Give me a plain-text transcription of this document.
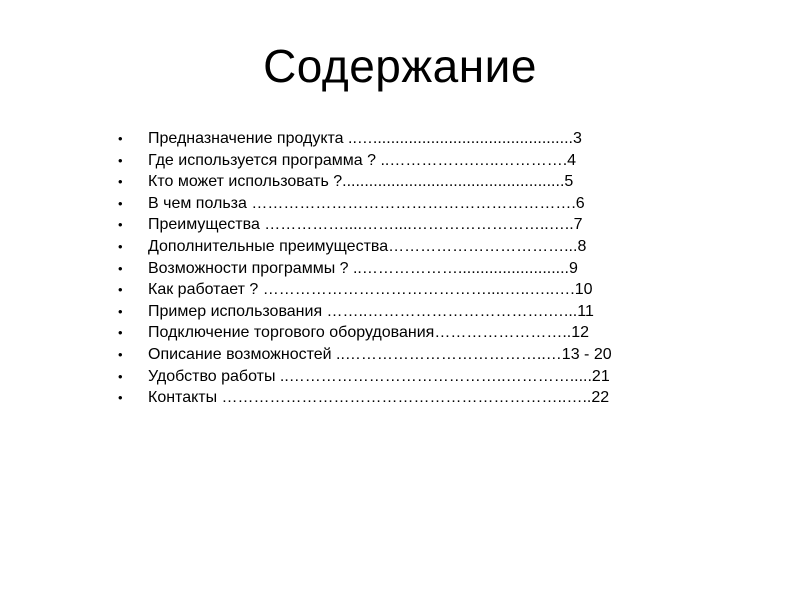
Содержание
• Предназначение продукта ..….............................................3
• Где используется программа ? ..…………….…..………….4
• Кто может использовать ?..................................................5
• В чем польза …………………………………………………….6
• Преимущества ……………....……....……………………..…..7
• Дополнительные преимущества……………………………...8
• Возможности программы ? ..……………….........................9
• Как работает ? ……………………………………....…..…..….10
• Пример использования ……..…………………………….…...11
• Подключение торгового оборудования……………………..12
• Описание возможностей ..………………………………..…13 - 20
• Удобство работы ..…………………………………..………….....21
• Контакты ………………………………………………………..…..22
